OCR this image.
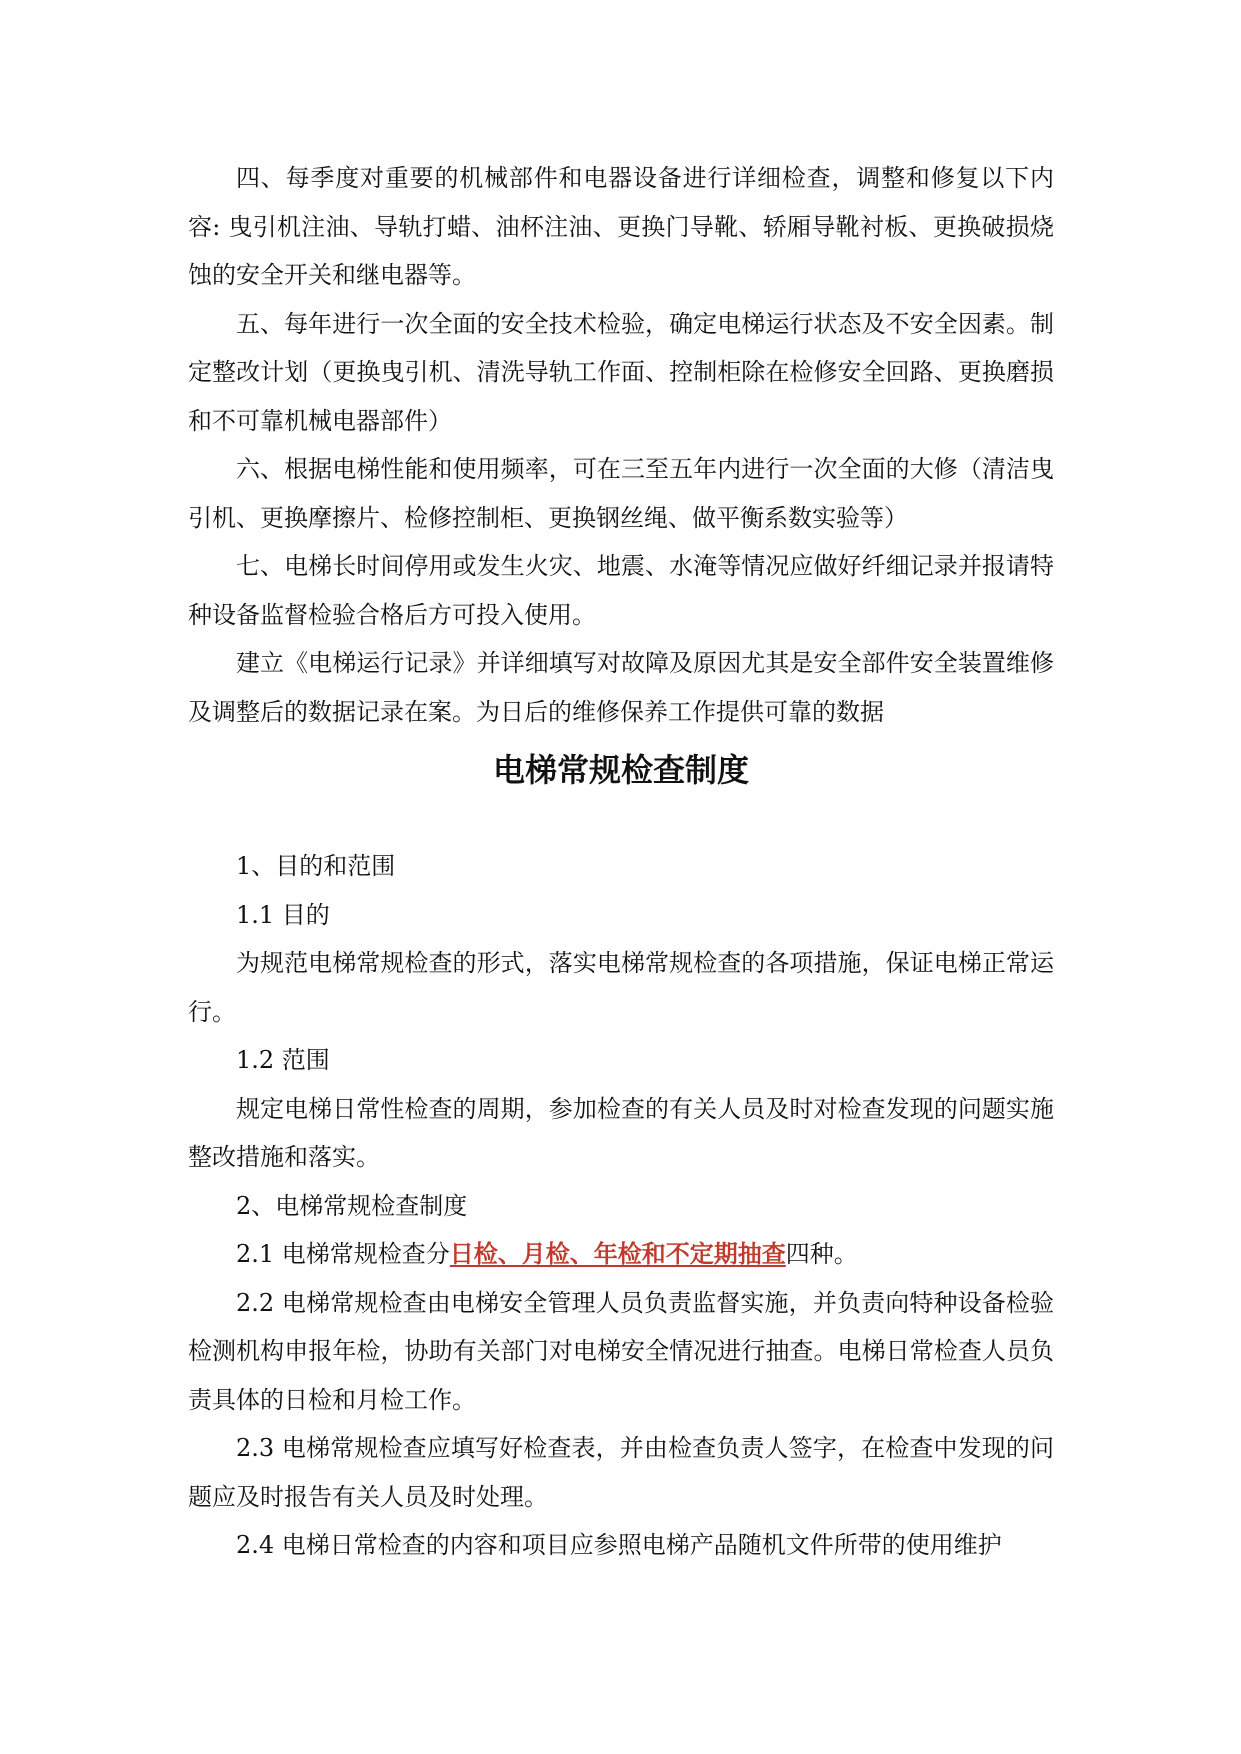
四、每季度对重要的机械部件和电器设备进行详细检查，调整和修复以下内容: 曳引机注油、导轨打蜡、油杯注油、更换门导靴、轿厢导靴衬板、更换破损烧蚀的安全开关和继电器等。

五、每年进行一次全面的安全技术检验，确定电梯运行状态及不安全因素。制定整改计划（更换曳引机、清洗导轨工作面、控制柜除在检修安全回路、更换磨损和不可靠机械电器部件）

六、根据电梯性能和使用频率，可在三至五年内进行一次全面的大修（清洁曳引机、更换摩擦片、检修控制柜、更换钢丝绳、做平衡系数实验等）

七、电梯长时间停用或发生火灾、地震、水淹等情况应做好纤细记录并报请特种设备监督检验合格后方可投入使用。

建立《电梯运行记录》并详细填写对故障及原因尤其是安全部件安全装置维修及调整后的数据记录在案。为日后的维修保养工作提供可靠的数据

电梯常规检查制度

1、目的和范围

1.1 目的

为规范电梯常规检查的形式，落实电梯常规检查的各项措施，保证电梯正常运行。

1.2 范围

规定电梯日常性检查的周期，参加检查的有关人员及时对检查发现的问题实施整改措施和落实。

2、电梯常规检查制度

2.1 电梯常规检查分日检、月检、年检和不定期抽查四种。

2.2 电梯常规检查由电梯安全管理人员负责监督实施，并负责向特种设备检验检测机构申报年检，协助有关部门对电梯安全情况进行抽查。电梯日常检查人员负责具体的日检和月检工作。

2.3 电梯常规检查应填写好检查表，并由检查负责人签字，在检查中发现的问题应及时报告有关人员及时处理。

2.4 电梯日常检查的内容和项目应参照电梯产品随机文件所带的使用维护
